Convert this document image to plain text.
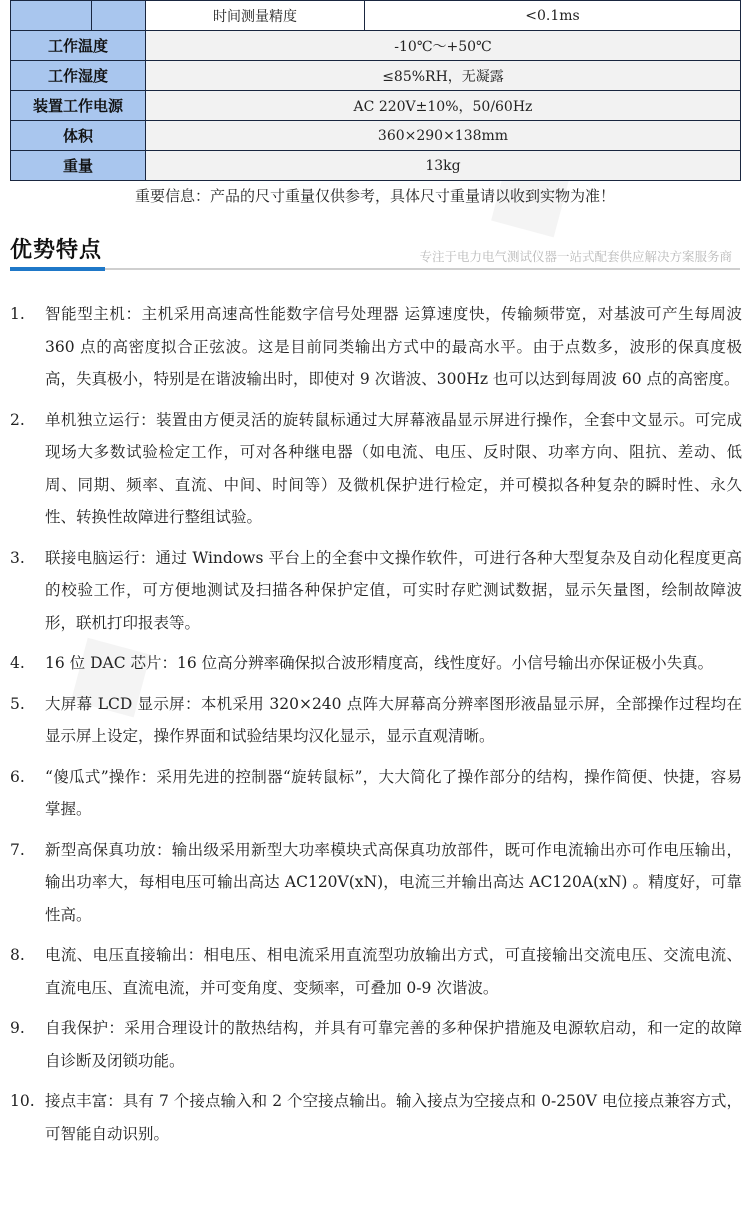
	时间测量精度	<0.1ms
工作温度	-10℃～+50℃	
工作湿度	≤85%RH，无凝露	
装置工作电源	AC 220V±10%，50/60Hz	
体积	360×290×138mm	
重量	13kg	
重要信息：产品的尺寸重量仅供参考，具体尺寸重量请以收到实物为准！
优势特点	专注于电力电气测试仪器一站式配套供应解决方案服务商
1. 智能型主机：主机采用高速高性能数字信号处理器 运算速度快，传输频带宽，对基波可产生每周波 360 点的高密度拟合正弦波。这是目前同类输出方式中的最高水平。由于点数多，波形的保真度极高，失真极小，特别是在谐波输出时，即使对 9 次谐波、300Hz 也可以达到每周波 60 点的高密度。
2. 单机独立运行：装置由方便灵活的旋转鼠标通过大屏幕液晶显示屏进行操作，全套中文显示。可完成现场大多数试验检定工作，可对各种继电器（如电流、电压、反时限、功率方向、阻抗、差动、低周、同期、频率、直流、中间、时间等）及微机保护进行检定，并可模拟各种复杂的瞬时性、永久性、转换性故障进行整组试验。
3. 联接电脑运行：通过 Windows 平台上的全套中文操作软件，可进行各种大型复杂及自动化程度更高的校验工作，可方便地测试及扫描各种保护定值，可实时存贮测试数据，显示矢量图，绘制故障波形，联机打印报表等。
4. 16 位 DAC 芯片：16 位高分辨率确保拟合波形精度高，线性度好。小信号输出亦保证极小失真。
5. 大屏幕 LCD 显示屏：本机采用 320×240 点阵大屏幕高分辨率图形液晶显示屏，全部操作过程均在显示屏上设定，操作界面和试验结果均汉化显示，显示直观清晰。
6. “傻瓜式”操作：采用先进的控制器“旋转鼠标”，大大简化了操作部分的结构，操作简便、快捷，容易掌握。
7. 新型高保真功放：输出级采用新型大功率模块式高保真功放部件，既可作电流输出亦可作电压输出，输出功率大，每相电压可输出高达 AC120V(xN)，电流三并输出高达 AC120A(xN) 。精度好，可靠性高。
8. 电流、电压直接输出：相电压、相电流采用直流型功放输出方式，可直接输出交流电压、交流电流、直流电压、直流电流，并可变角度、变频率，可叠加 0-9 次谐波。
9. 自我保护：采用合理设计的散热结构，并具有可靠完善的多种保护措施及电源软启动，和一定的故障自诊断及闭锁功能。
10. 接点丰富：具有 7 个接点输入和 2 个空接点输出。输入接点为空接点和 0-250V 电位接点兼容方式，可智能自动识别。
